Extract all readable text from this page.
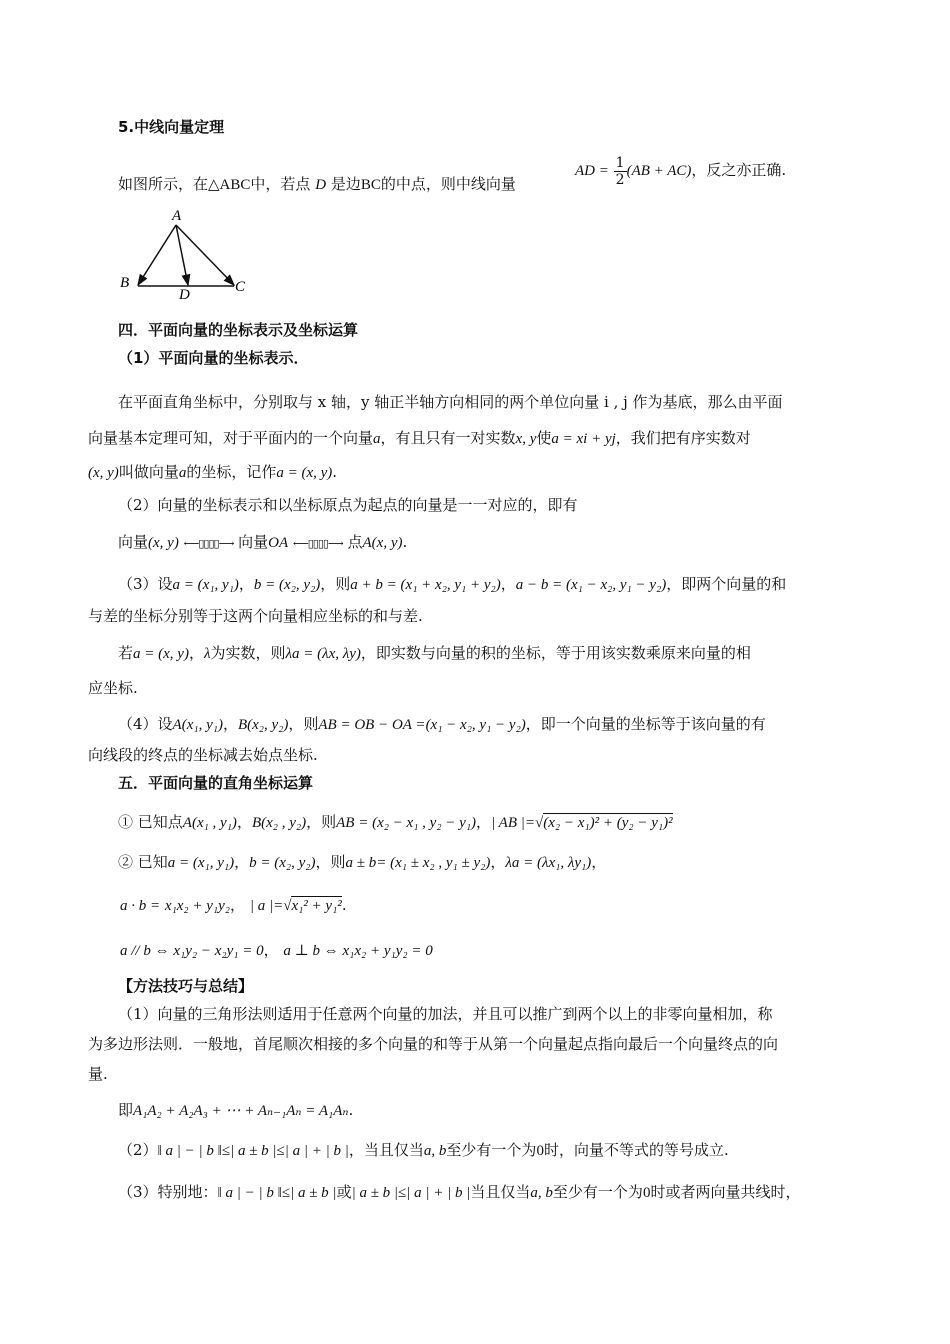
5.中线向量定理
如图所示，在△ABC中，若点 D 是边BC的中点，则中线向量
AD = $\frac{1}{2} (AB + AC)$，反之亦正确.
A
B	C
D
四．平面向量的坐标表示及坐标运算
（1）平面向量的坐标表示．
在平面直角坐标中，分别取与 x 轴，y 轴正半轴方向相同的两个单位向量 i , j 作为基底，那么由平面
向量基本定理可知，对于平面内的一个向量a，有且只有一对实数x, y使a = xi + yj，我们把有序实数对
(x, y)叫做向量a的坐标，记作a = (x, y).
（2）向量的坐标表示和以坐标原点为起点的向量是一一对应的，即有
向量(x, y) ⟵▯▯▯▯⟶ 向量OA ⟵▯▯▯▯⟶ 点A(x, y).
（3）设a = (x₁, y₁)，b = (x₂, y₂)，则a + b = (x₁ + x₂, y₁ + y₂)，a − b = (x₁ − x₂, y₁ − y₂)，即两个向量的和
与差的坐标分别等于这两个向量相应坐标的和与差.
若a = (x, y)，λ为实数，则λa = (λx, λy)，即实数与向量的积的坐标，等于用该实数乘原来向量的相
应坐标.
（4）设A(x₁, y₁)，B(x₂, y₂)，则AB = OB − OA =(x₁ − x₂, y₁ − y₂)，即一个向量的坐标等于该向量的有
向线段的终点的坐标减去始点坐标.
五．平面向量的直角坐标运算
① 已知点A(x₁ , y₁)，B(x₂ , y₂)，则AB = (x₂ − x₁ , y₂ − y₁)，| AB |=√(x₂ − x₁)² + (y₂ − y₁)²
② 已知a = (x₁, y₁)，b = (x₂, y₂)，则a ± b= (x₁ ± x₂ , y₁ ± y₂)，λa = (λx₁, λy₁)，
a · b = x₁x₂ + y₁y₂， | a |=√x₁² + y₁².
a // b ⇔ x₁y₂ − x₂y₁ = 0， a ⊥ b ⇔ x₁x₂ + y₁y₂ = 0
【方法技巧与总结】
（1）向量的三角形法则适用于任意两个向量的加法，并且可以推广到两个以上的非零向量相加，称
为多边形法则．一般地，首尾顺次相接的多个向量的和等于从第一个向量起点指向最后一个向量终点的向
量.
即A₁A₂ + A₂A₃ + ⋯ + Aₙ₋₁Aₙ = A₁Aₙ.
（2）‖ a | − | b ‖≤| a ± b |≤| a | + | b |，当且仅当a, b至少有一个为0时，向量不等式的等号成立.
（3）特别地：‖ a | − | b ‖≤| a ± b |或| a ± b |≤| a | + | b |当且仅当a, b至少有一个为0时或者两向量共线时，
